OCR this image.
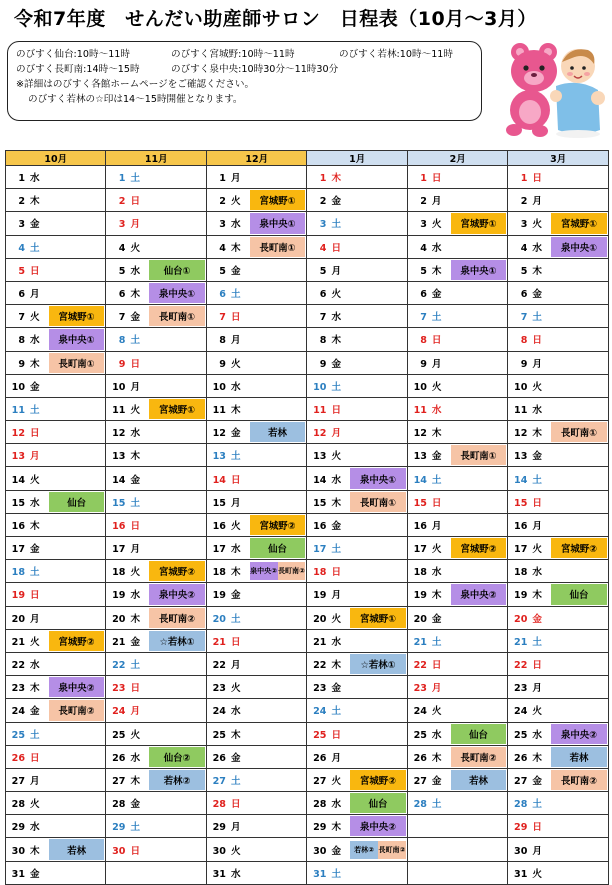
令和7年度　せんだい助産師サロン　日程表（10月～3月）
のびすく仙台:10時～11時	のびすく宮城野:10時～11時	のびすく若林:10時～11時
のびすく長町南:14時～15時	のびすく泉中央:10時30分～11時30分
※詳細はのびすく各館ホームページをご確認ください。
のびすく若林の☆印は14～15時開催となります。
10月		11月		12月		1月		2月		3月	
1 水		1 土		1 月		1 木		1 日		1 日	
2 木		2 日		2 火	宮城野①	2 金		2 月		2 月	
3 金		3 月		3 水	泉中央①	3 土		3 火	宮城野①	3 火	宮城野①

4 土		4 火		4 木	長町南①	4 日		4 水		4 水	泉中央①

5 日		5 水	仙台①	5 金		5 月		5 木	泉中央①	5 木	
6 月		6 木	泉中央①	6 土		6 火		6 金		6 金	
7 火	宮城野①	7 金	長町南①	7 日		7 水		7 土		7 土	
8 水	泉中央①	8 土		8 月		8 木		8 日		8 日	
9 木	長町南①	9 日		9 火		9 金		9 月		9 月	
10 金		10 月		10 水		10 土		10 火		10 火	
11 土		11 火	宮城野①	11 木		11 日		11 水		11 水	
12 日		12 水		12 金	若林	12 月		12 木		12 木	長町南①

13 月		13 木		13 土		13 火		13 金	長町南①	13 金	
14 火		14 金		14 日		14 水	泉中央①	14 土		14 土	
15 水	仙台	15 土		15 月		15 木	長町南①	15 日		15 日	
16 木		16 日		16 火	宮城野②	16 金		16 月		16 月	
17 金		17 月		17 水	仙台	17 土		17 火	宮城野②	17 火	宮城野②

18 土		18 火	宮城野②	18 木	泉中央② 長町南②	18 日		18 水		18 水	
19 日		19 水	泉中央②	19 金		19 月		19 木	泉中央②	19 木	仙台

20 月		20 木	長町南②	20 土		20 火	宮城野①	20 金		20 金	
21 火	宮城野②	21 金	☆若林①	21 日		21 水		21 土		21 土	
22 水		22 土		22 月		22 木	☆若林①	22 日		22 日	
23 木	泉中央②	23 日		23 火		23 金		23 月		23 月	
24 金	長町南②	24 月		24 水		24 土		24 火		24 火	
25 土		25 火		25 木		25 日		25 水	仙台	25 水	泉中央②

26 日		26 水	仙台②	26 金		26 月		26 木	長町南②	26 木	若林

27 月		27 木	若林②	27 土		27 火	宮城野②	27 金	若林	27 金	長町南②

28 火		28 金		28 日		28 水	仙台	28 土		28 土	
29 水		29 土		29 月		29 木	泉中央②			29 日	
30 木	若林	30 日		30 火		30 金	若林② 長町南②			30 月	
31 金				31 水		31 土				31 火	
